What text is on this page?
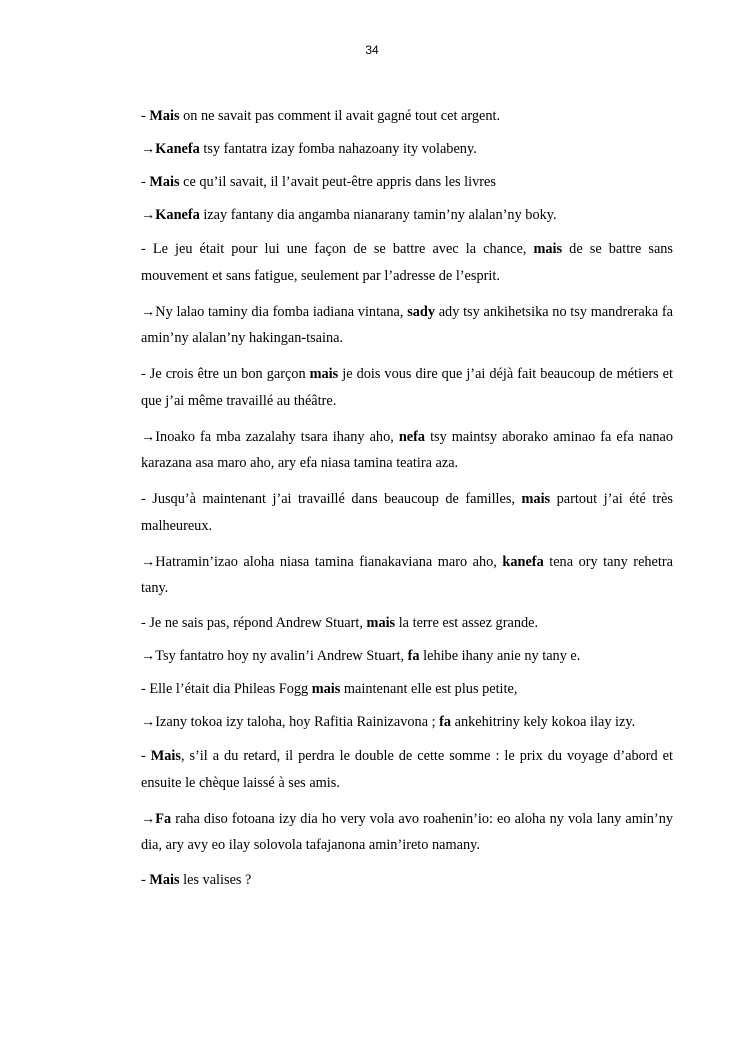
34

- Mais on ne savait pas comment il avait gagné tout cet argent.

→Kanefa tsy fantatra izay fomba nahazoany ity volabeny.

- Mais ce qu’il savait, il l’avait peut-être appris dans les livres

→Kanefa izay fantany dia angamba nianarany tamin’ny alalan’ny boky.

- Le jeu était pour lui une façon de se battre avec la chance, mais de se battre sans mouvement et sans fatigue, seulement par l’adresse de l’esprit.

→Ny lalao taminy dia fomba iadiana vintana, sady ady tsy ankihetsika no tsy mandreraka fa amin’ny alalan’ny hakingan-tsaina.

- Je crois être un bon garçon mais je dois vous dire que j’ai déjà fait beaucoup de métiers et que j’ai même travaillé au théâtre.

→Inoako fa mba zazalahy tsara ihany aho, nefa tsy maintsy aborako aminao fa efa nanao karazana asa maro aho, ary efa niasa tamina teatira aza.

- Jusqu’à maintenant j’ai travaillé dans beaucoup de familles, mais partout j’ai été très malheureux.

→Hatramin’izao aloha niasa tamina fianakaviana maro aho, kanefa tena ory tany rehetra tany.

- Je ne sais pas, répond Andrew Stuart, mais la terre est assez grande.

→Tsy fantatro hoy ny avalin’i Andrew Stuart, fa lehibe ihany anie ny tany e.

- Elle l’était dia Phileas Fogg mais maintenant elle est plus petite,

→Izany tokoa izy taloha, hoy Rafitia Rainizavona ; fa ankehitriny kely kokoa ilay izy.

- Mais, s’il a du retard, il perdra le double de cette somme : le prix du voyage d’abord et ensuite le chèque laissé à ses amis.

→Fa raha diso fotoana izy dia ho very vola avo roahenin’io: eo aloha ny vola lany amin’ny dia, ary avy eo ilay solovola tafajanona amin’ireto namany.

- Mais les valises ?
